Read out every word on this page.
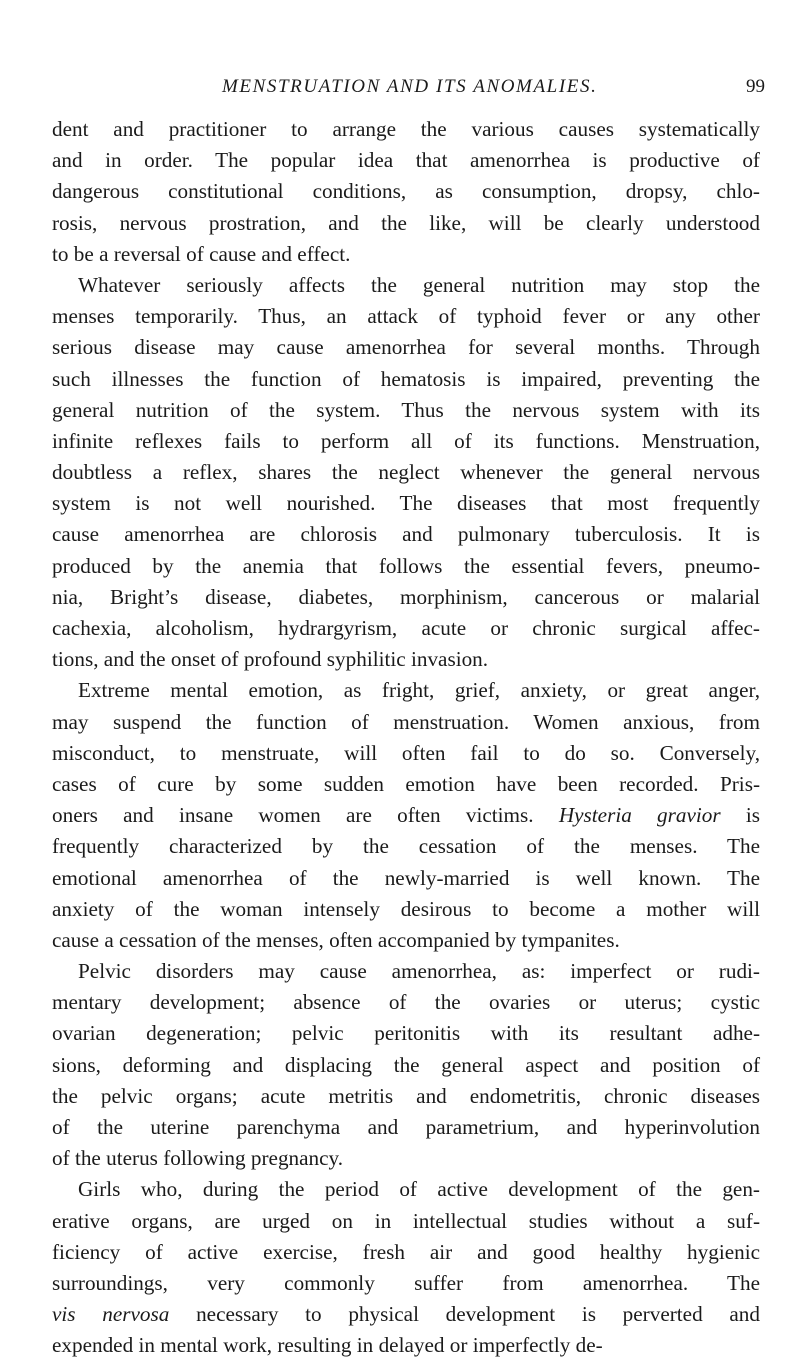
MENSTRUATION AND ITS ANOMALIES.	99
dent and practitioner to arrange the various causes systematically
and in order. The popular idea that amenorrhea is productive of
dangerous constitutional conditions, as consumption, dropsy, chlo-
rosis, nervous prostration, and the like, will be clearly understood
to be a reversal of cause and effect.
Whatever seriously affects the general nutrition may stop the
menses temporarily. Thus, an attack of typhoid fever or any other
serious disease may cause amenorrhea for several months. Through
such illnesses the function of hematosis is impaired, preventing the
general nutrition of the system. Thus the nervous system with its
infinite reflexes fails to perform all of its functions. Menstruation,
doubtless a reflex, shares the neglect whenever the general nervous
system is not well nourished. The diseases that most frequently
cause amenorrhea are chlorosis and pulmonary tuberculosis. It is
produced by the anemia that follows the essential fevers, pneumo-
nia, Bright’s disease, diabetes, morphinism, cancerous or malarial
cachexia, alcoholism, hydrargyrism, acute or chronic surgical affec-
tions, and the onset of profound syphilitic invasion.
Extreme mental emotion, as fright, grief, anxiety, or great anger,
may suspend the function of menstruation. Women anxious, from
misconduct, to menstruate, will often fail to do so. Conversely,
cases of cure by some sudden emotion have been recorded. Pris-
oners and insane women are often victims. Hysteria gravior is
frequently characterized by the cessation of the menses. The
emotional amenorrhea of the newly-married is well known. The
anxiety of the woman intensely desirous to become a mother will
cause a cessation of the menses, often accompanied by tympanites.
Pelvic disorders may cause amenorrhea, as: imperfect or rudi-
mentary development; absence of the ovaries or uterus; cystic
ovarian degeneration; pelvic peritonitis with its resultant adhe-
sions, deforming and displacing the general aspect and position of
the pelvic organs; acute metritis and endometritis, chronic diseases
of the uterine parenchyma and parametrium, and hyperinvolution
of the uterus following pregnancy.
Girls who, during the period of active development of the gen-
erative organs, are urged on in intellectual studies without a suf-
ficiency of active exercise, fresh air and good healthy hygienic
surroundings, very commonly suffer from amenorrhea. The
vis nervosa necessary to physical development is perverted and
expended in mental work, resulting in delayed or imperfectly de-
